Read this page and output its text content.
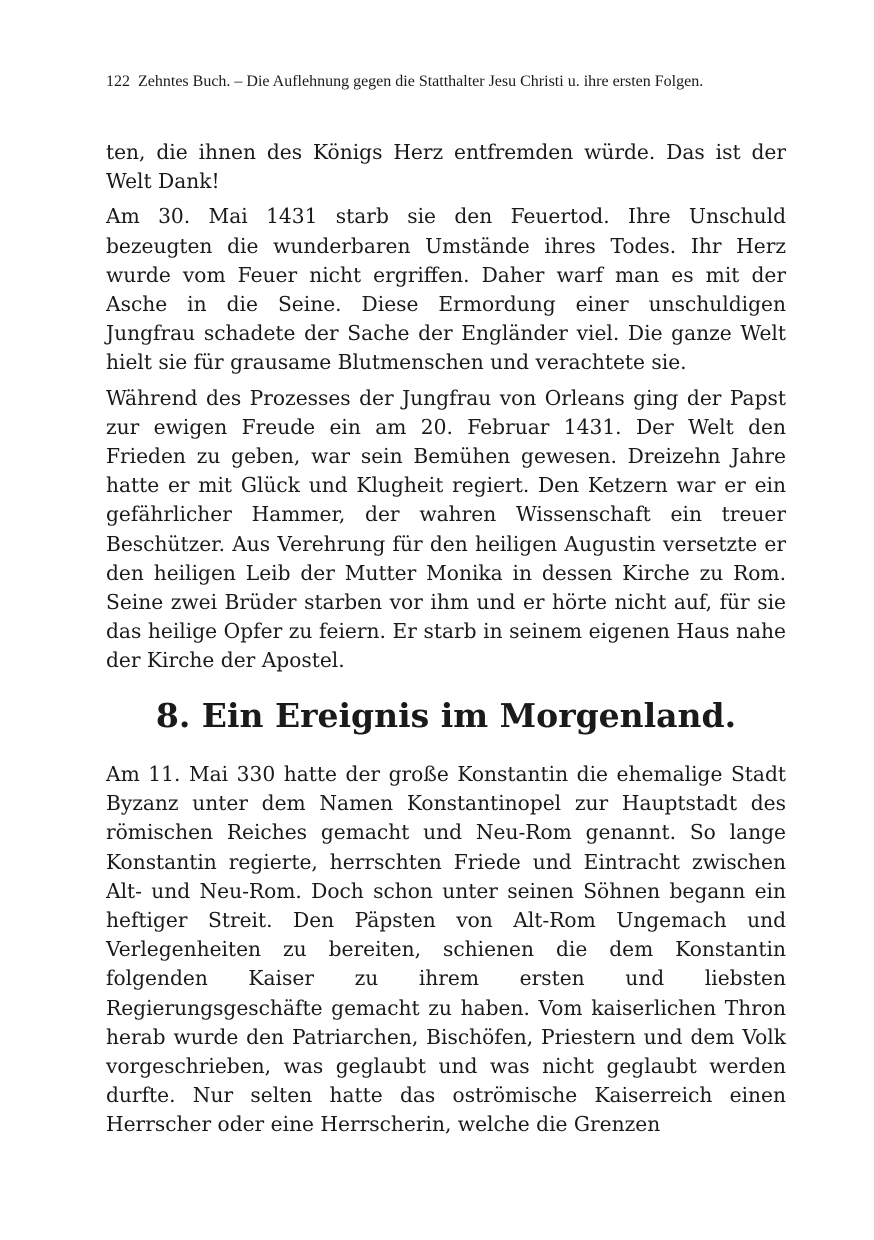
122 Zehntes Buch. – Die Auflehnung gegen die Statthalter Jesu Christi u. ihre ersten Folgen.

ten, die ihnen des Königs Herz entfremden würde. Das ist der Welt Dank!

Am 30. Mai 1431 starb sie den Feuertod. Ihre Unschuld bezeugten die wunderbaren Umstände ihres Todes. Ihr Herz wurde vom Feuer nicht ergriffen. Daher warf man es mit der Asche in die Seine. Diese Ermordung einer unschuldigen Jungfrau schadete der Sache der Engländer viel. Die ganze Welt hielt sie für grausame Blutmenschen und verachtete sie.

Während des Prozesses der Jungfrau von Orleans ging der Papst zur ewigen Freude ein am 20. Februar 1431. Der Welt den Frieden zu geben, war sein Bemühen gewesen. Dreizehn Jahre hatte er mit Glück und Klugheit regiert. Den Ketzern war er ein gefährlicher Hammer, der wahren Wissenschaft ein treuer Beschützer. Aus Verehrung für den heiligen Augustin versetzte er den heiligen Leib der Mutter Monika in dessen Kirche zu Rom. Seine zwei Brüder starben vor ihm und er hörte nicht auf, für sie das heilige Opfer zu feiern. Er starb in seinem eigenen Haus nahe der Kirche der Apostel.

8. Ein Ereignis im Morgenland.

Am 11. Mai 330 hatte der große Konstantin die ehemalige Stadt Byzanz unter dem Namen Konstantinopel zur Hauptstadt des römischen Reiches gemacht und Neu-Rom genannt. So lange Konstantin regierte, herrschten Friede und Eintracht zwischen Alt- und Neu-Rom. Doch schon unter seinen Söhnen begann ein heftiger Streit. Den Päpsten von Alt-Rom Ungemach und Verlegenheiten zu bereiten, schienen die dem Konstantin folgenden Kaiser zu ihrem ersten und liebsten Regierungsgeschäfte gemacht zu haben. Vom kaiserlichen Thron herab wurde den Patriarchen, Bischöfen, Priestern und dem Volk vorgeschrieben, was geglaubt und was nicht geglaubt werden durfte. Nur selten hatte das oströmische Kaiserreich einen Herrscher oder eine Herrscherin, welche die Grenzen
